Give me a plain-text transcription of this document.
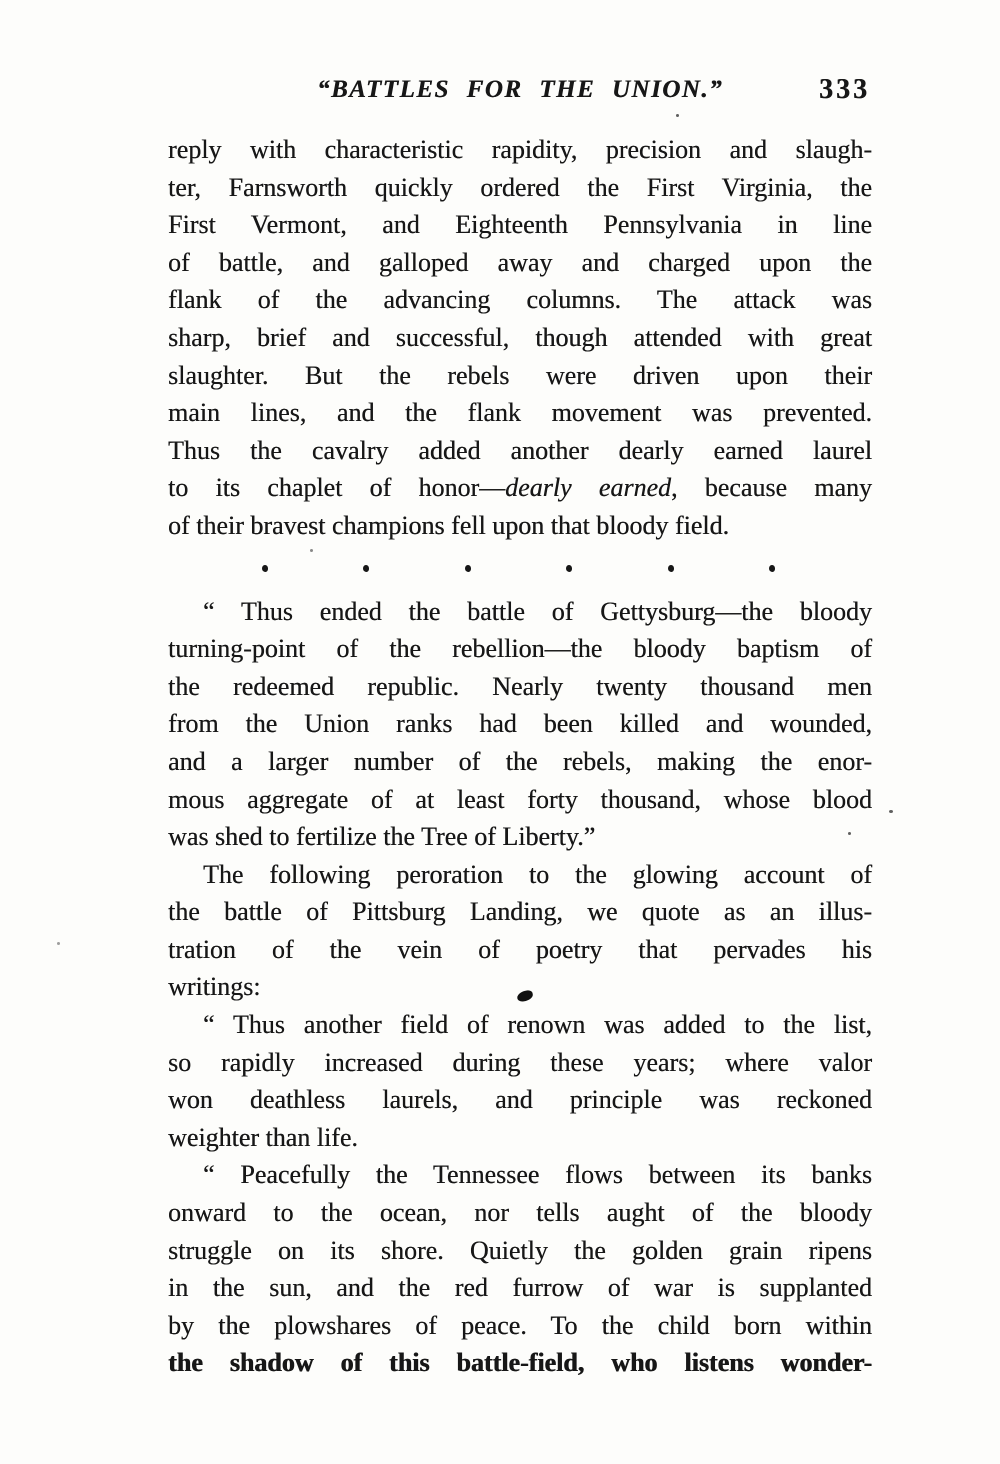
“BATTLES FOR THE UNION.”	333
reply with characteristic rapidity, precision and slaugh-
ter, Farnsworth quickly ordered the First Virginia, the
First Vermont, and Eighteenth Pennsylvania in line
of battle, and galloped away and charged upon the
flank of the advancing columns. The attack was
sharp, brief and successful, though attended with great
slaughter. But the rebels were driven upon their
main lines, and the flank movement was prevented.
Thus the cavalry added another dearly earned laurel
to its chaplet of honor—dearly earned, because many
of their bravest champions fell upon that bloody field.
“ Thus ended the battle of Gettysburg—the bloody
turning-point of the rebellion—the bloody baptism of
the redeemed republic. Nearly twenty thousand men
from the Union ranks had been killed and wounded,
and a larger number of the rebels, making the enor-
mous aggregate of at least forty thousand, whose blood
was shed to fertilize the Tree of Liberty.”
The following peroration to the glowing account of
the battle of Pittsburg Landing, we quote as an illus-
tration of the vein of poetry that pervades his
writings:
“ Thus another field of renown was added to the list,
so rapidly increased during these years; where valor
won deathless laurels, and principle was reckoned
weighter than life.
“ Peacefully the Tennessee flows between its banks
onward to the ocean, nor tells aught of the bloody
struggle on its shore. Quietly the golden grain ripens
in the sun, and the red furrow of war is supplanted
by the plowshares of peace. To the child born within
the shadow of this battle-field, who listens wonder-
